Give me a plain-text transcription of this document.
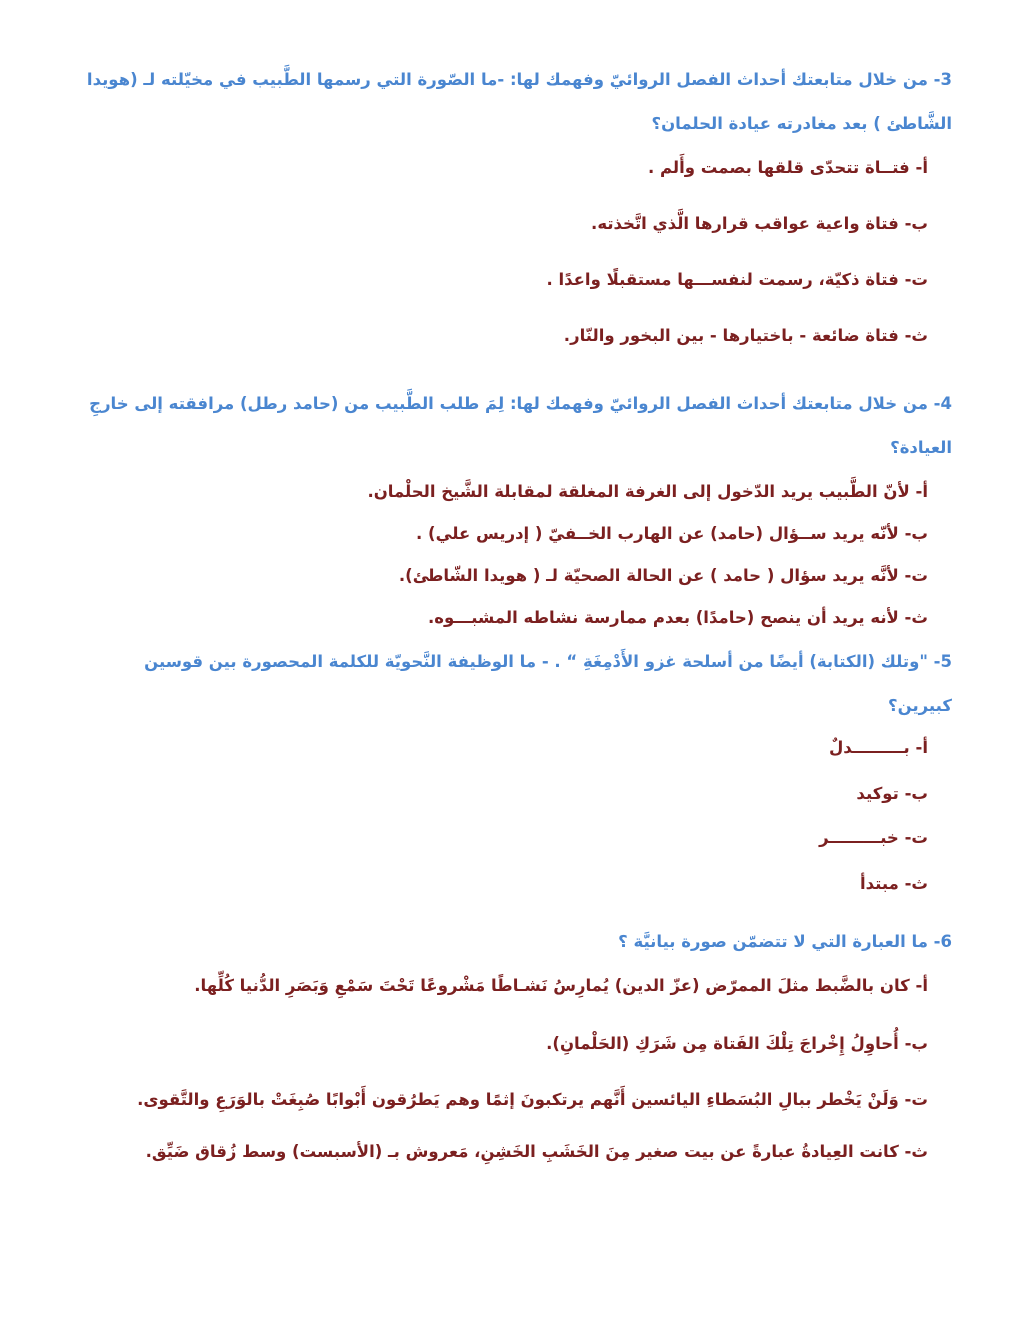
3- من خلال متابعتك أحداث الفصل الروائيّ وفهمك لها: -ما الصّورة التي رسمها الطَّبيب في مخيّلته لـ (هويدا
الشَّاطئ ) بعد مغادرته عيادة الحلمان؟
أ- فتــاة تتحدّى قلقها بصمت وأَلم .
ب- فتاة واعية عواقب قرارها الَّذي اتَّخذته.
ت- فتاة ذكيّة، رسمت لنفســـها مستقبلًا واعدًا .
ث- فتاة ضائعة - باختيارها - بين البخور والنّار.
4- من خلال متابعتك أحداث الفصل الروائيّ وفهمك لها: لِمَ طلب الطَّبيب من (حامد رطل) مرافقته إلى خارجِ
العيادة؟
أ- لأنّ الطَّبيب يريد الدّخول إلى الغرفة المغلقة لمقابلة الشَّيخ الحلْمان.
ب- لأنّه يريد ســؤال (حامد) عن الهارب الخــفيّ ( إدريس علي) .
ت- لأنَّه يريد سؤال ( حامد ) عن الحالة الصحيّة لـ ( هويدا الشّاطئ).
ث- لأنه يريد أن ينصح (حامدًا) بعدم ممارسة نشاطه المشبـــوه.
5- "وتلك (الكتابة) أيضًا من أسلحة غزو الأَدْمِغَةِ “ . - ما الوظيفة النَّحويّة للكلمة المحصورة بين قوسين
كبيرين؟
أ- بـــــــــدلٌ
ب- توكيد
ت- خبـــــــــر
ث- مبتدأ
6- ما العبارة التي لا تتضمّن صورة بيانيَّة ؟
أ- كان بالضَّبط مثلَ الممرّض (عزّ الدين) يُمارِسُ نَشـاطًا مَشْروعًا تَحْتَ سَمْعِ وَبَصَرِ الدُّنيا كُلِّها.
ب- أُحاوِلُ إِخْراجَ تِلْكَ الفَتاة مِن شَرَكِ (الحَلْمانِ).
ت- وَلَنْ يَخْطر ببالِ البُسَطاءِ اليائسين أَنَّهم يرتكبونَ إثمًا وهم يَطرُقون أَبْوابًا صُبِغَتْ بالوَرَعِ والتَّقوى.
ث- كانت العِيادةُ عبارةً عن بيت صغير مِنَ الخَشَبِ الخَشِنِ، مَعروش بـ (الأسبست) وسط زُقاق ضَيِّق.
